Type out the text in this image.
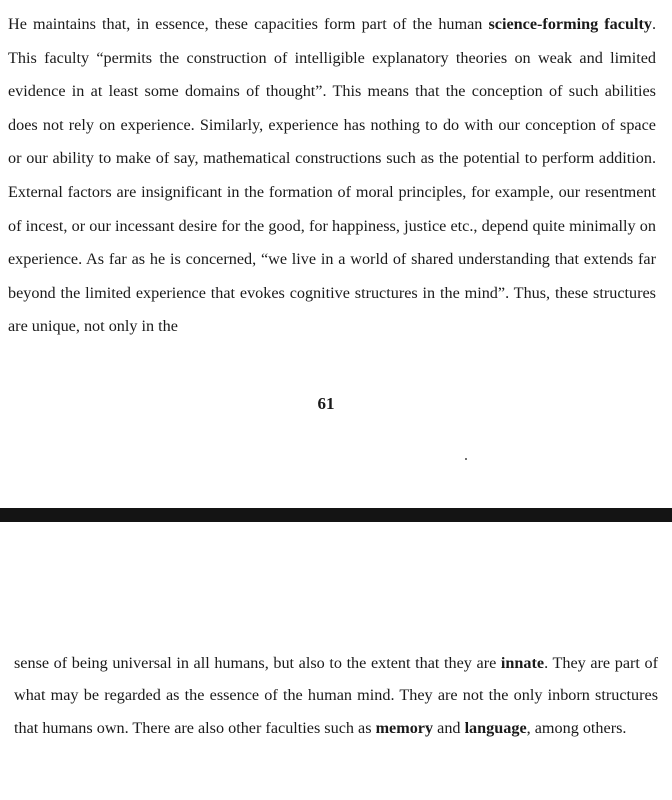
He maintains that, in essence, these capacities form part of the human science-forming faculty. This faculty “permits the construction of intelligible explanatory theories on weak and limited evidence in at least some domains of thought”. This means that the conception of such abilities does not rely on experience. Similarly, experience has nothing to do with our conception of space or our ability to make of say, mathematical constructions such as the potential to perform addition. External factors are insignificant in the formation of moral principles, for example, our resentment of incest, or our incessant desire for the good, for happiness, justice etc., depend quite minimally on experience. As far as he is concerned, “we live in a world of shared understanding that extends far beyond the limited experience that evokes cognitive structures in the mind”. Thus, these structures are unique, not only in the

61

sense of being universal in all humans, but also to the extent that they are innate. They are part of what may be regarded as the essence of the human mind. They are not the only inborn structures that humans own. There are also other faculties such as memory and language, among others.
